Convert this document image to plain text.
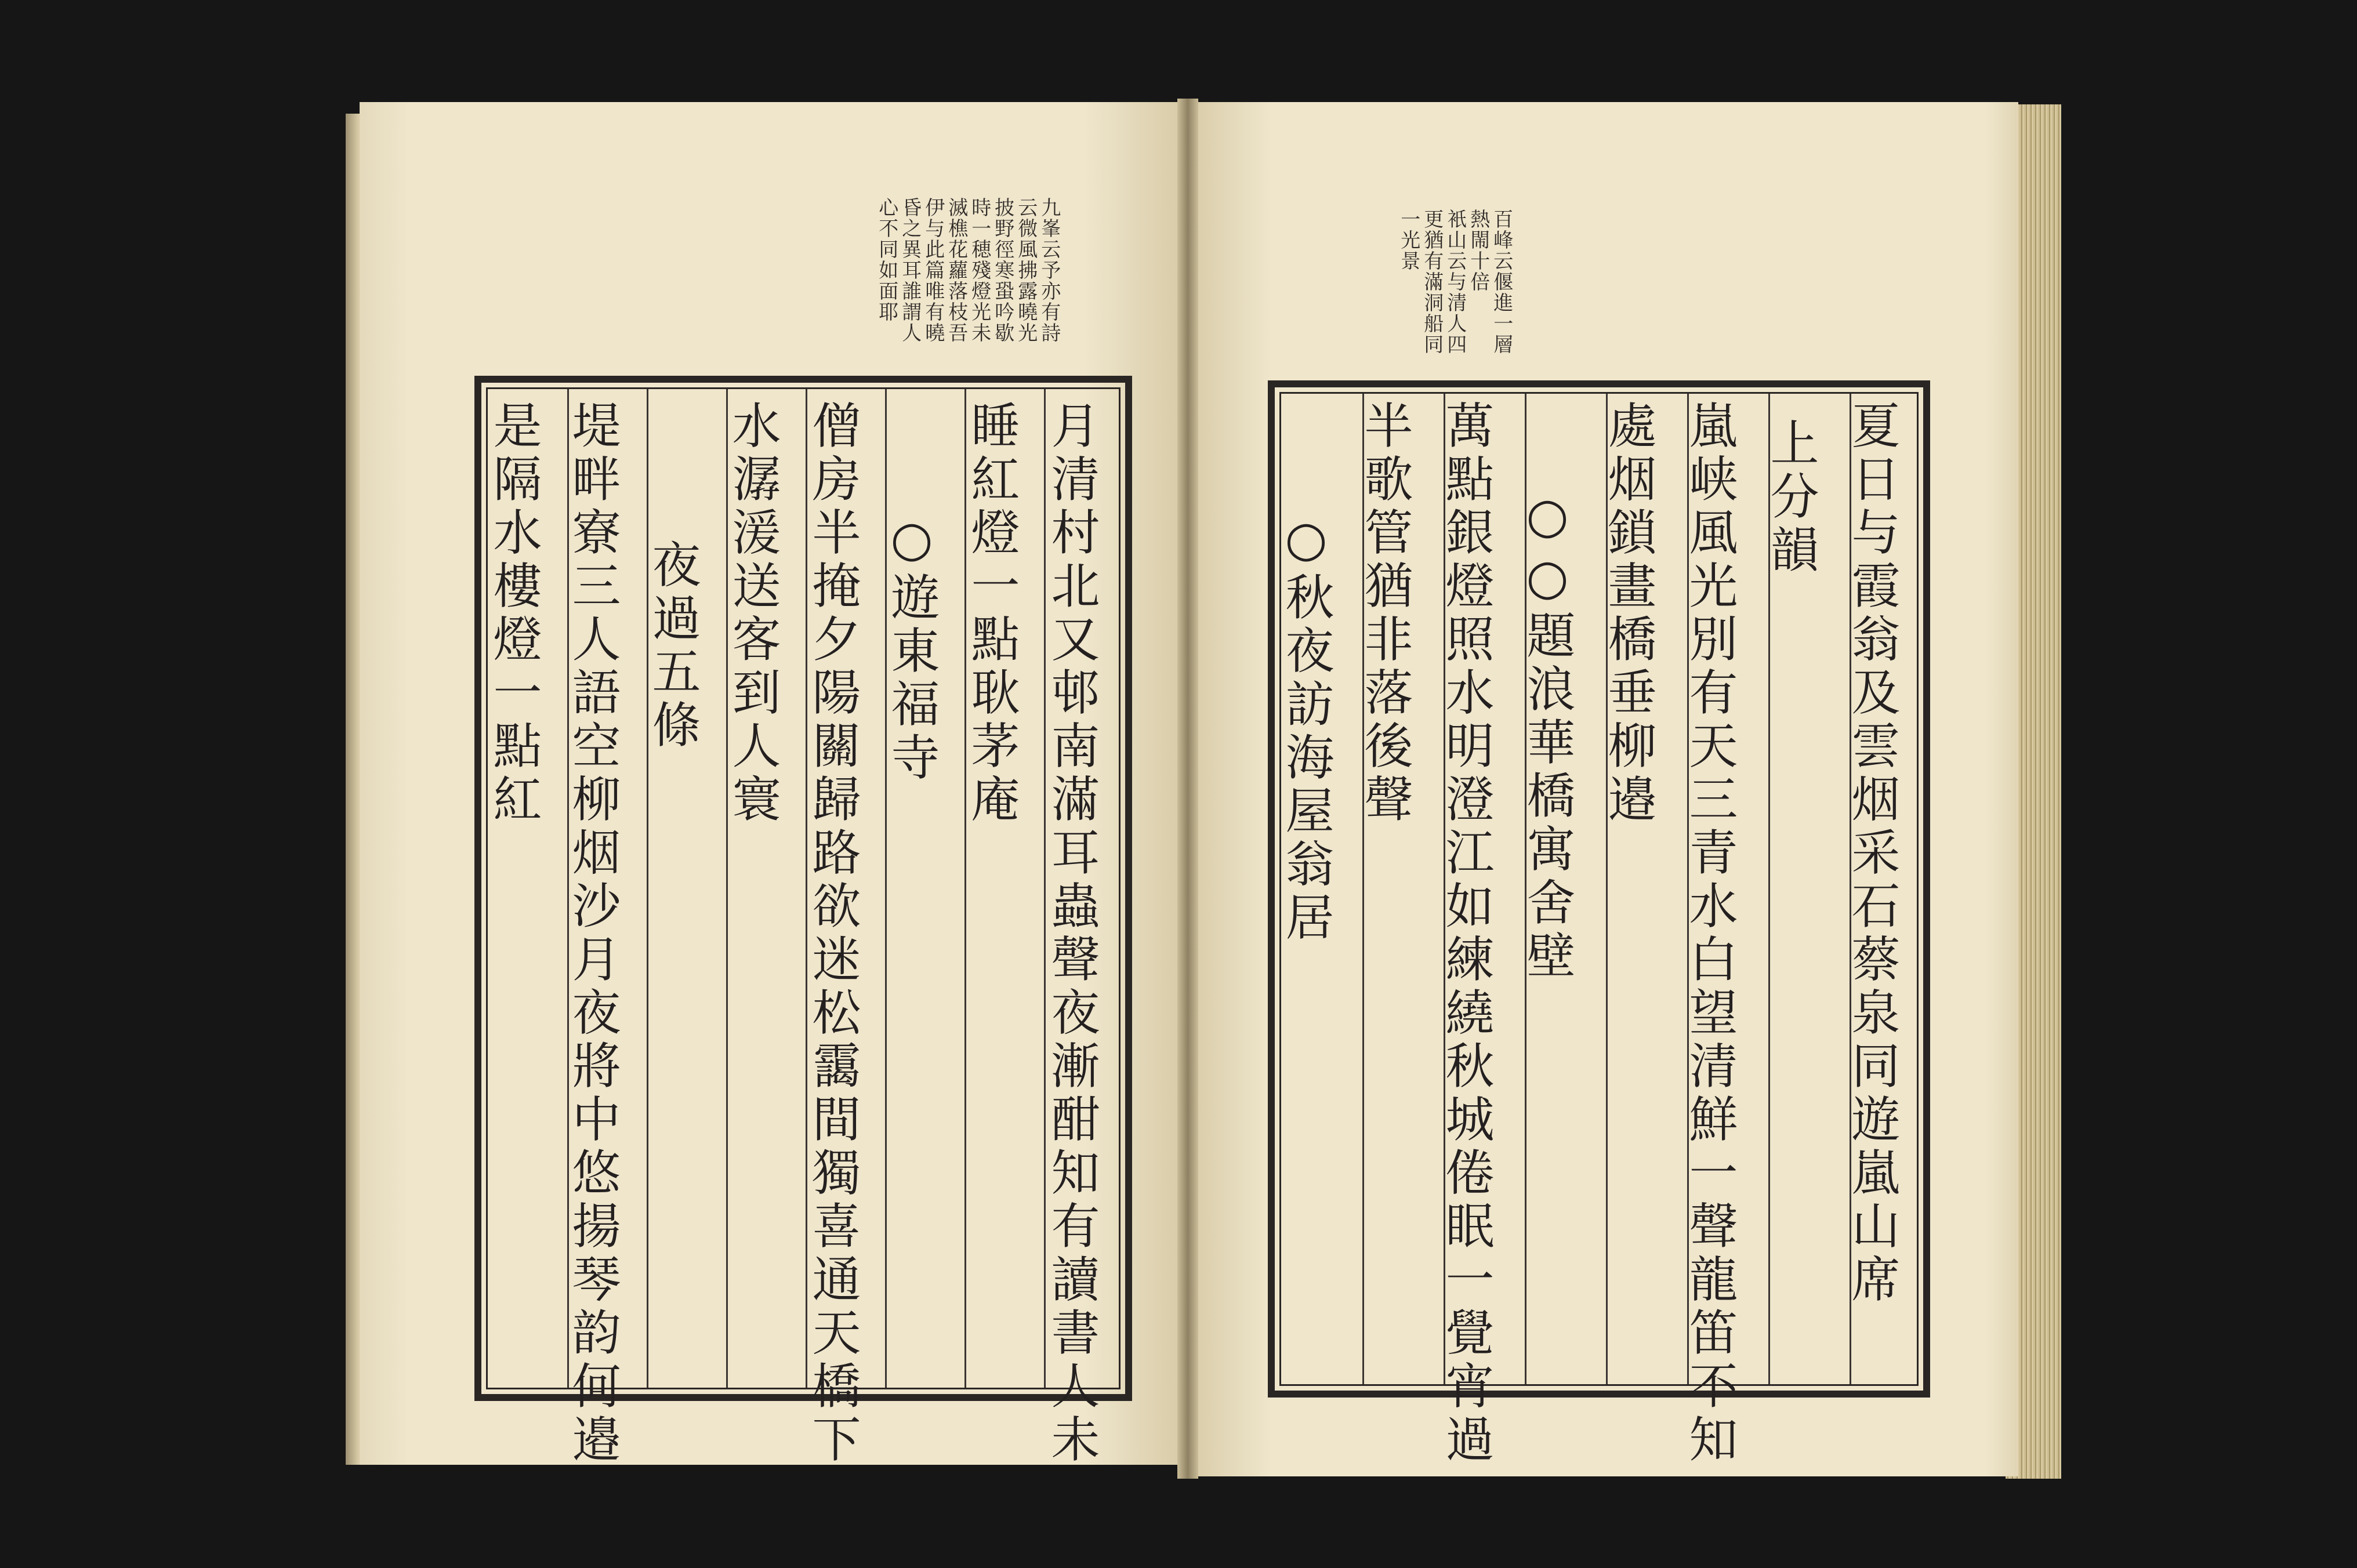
九峯云予亦有詩
云微風拂露曉光
披野徑寒蛩吟歇
時一穂殘燈光未
滅樵花蘿落枝吾
伊与此篇唯有曉
昏之異耳誰謂人
心不同如面耶	百峰云偃進一層
熱閙十倍
衹山云与清人四
更猶有滿洞船同
一光景
月清村北又邨南滿耳蟲聲夜漸酣知有讀書人未
睡紅燈一點耿茅庵
○遊東福寺
僧房半掩夕陽關歸路欲迷松靄間獨喜通天橋下
水潺湲送客到人寰
夜過五條
堤畔寮三人語空柳烟沙月夜將中悠揚琴韵何邉
是隔水樓燈一點紅	夏日与霞翁及雲烟采石蔡泉同遊嵐山席
上分韻
嵐峡風光別有天三青水白望清鮮一聲龍笛不知
處烟鎖畫橋垂柳邉
○○題浪華橋寓舍壁
萬點銀燈照水明澄江如練繞秋城倦眠一覺宵過
半歌管猶非落後聲
○秋夜訪海屋翁居
